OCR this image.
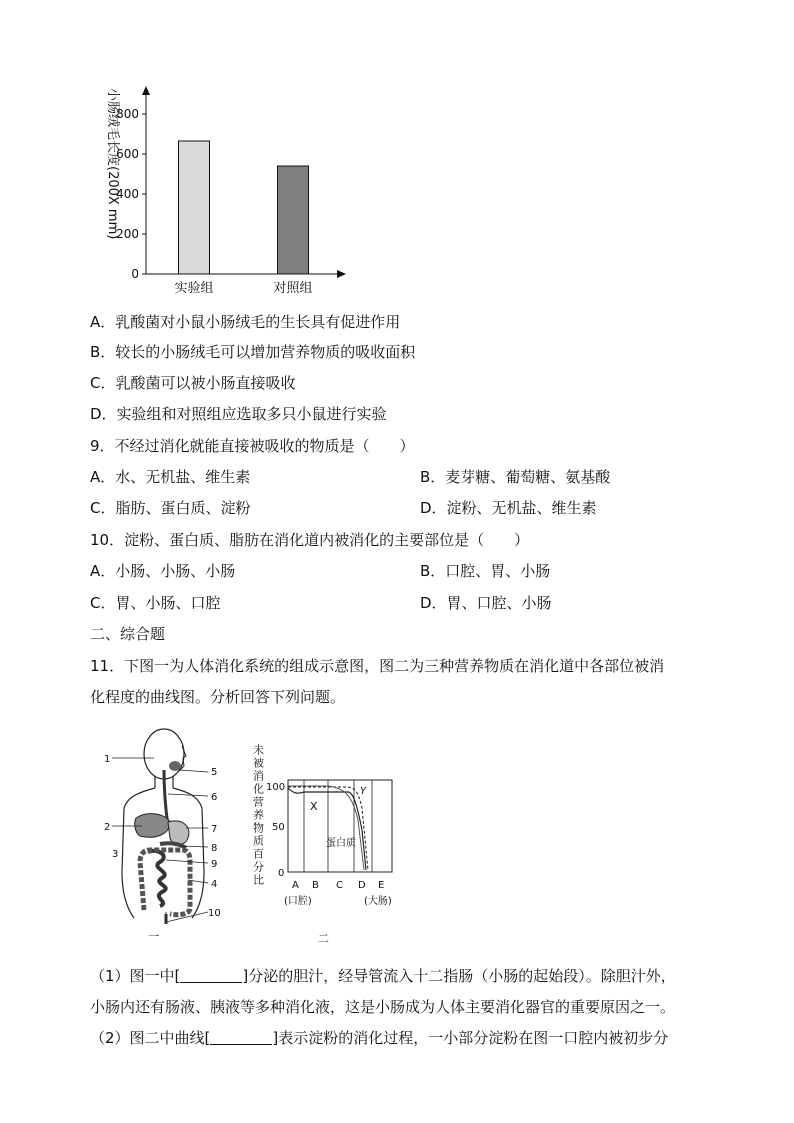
小肠绒毛长度(200X mm)
0
200
400
600
800
实验组	对照组
A．乳酸菌对小鼠小肠绒毛的生长具有促进作用
B．较长的小肠绒毛可以增加营养物质的吸收面积
C．乳酸菌可以被小肠直接吸收
D．实验组和对照组应选取多只小鼠进行实验
9．不经过消化就能直接被吸收的物质是（　　）
A．水、无机盐、维生素	B．麦芽糖、葡萄糖、氨基酸
C．脂肪、蛋白质、淀粉	D．淀粉、无机盐、维生素
10．淀粉、蛋白质、脂肪在消化道内被消化的主要部位是（　　）
A．小肠、小肠、小肠	B．口腔、胃、小肠
C．胃、小肠、口腔	D．胃、口腔、小肠
二、综合题
11．下图一为人体消化系统的组成示意图，图二为三种营养物质在消化道中各部位被消
化程度的曲线图。分析回答下列问题。
1
2
3
4
5
6
7
8
9
10
一
未被消化营养物质百分比 100
50
0
X
Y
蛋白质
A B C D E
(口腔)	(大肠)
二
（1）图一中[	]分泌的胆汁，经导管流入十二指肠（小肠的起始段）。除胆汁外，
小肠内还有肠液、胰液等多种消化液，这是小肠成为人体主要消化器官的重要原因之一。
（2）图二中曲线[	]表示淀粉的消化过程，一小部分淀粉在图一口腔内被初步分
